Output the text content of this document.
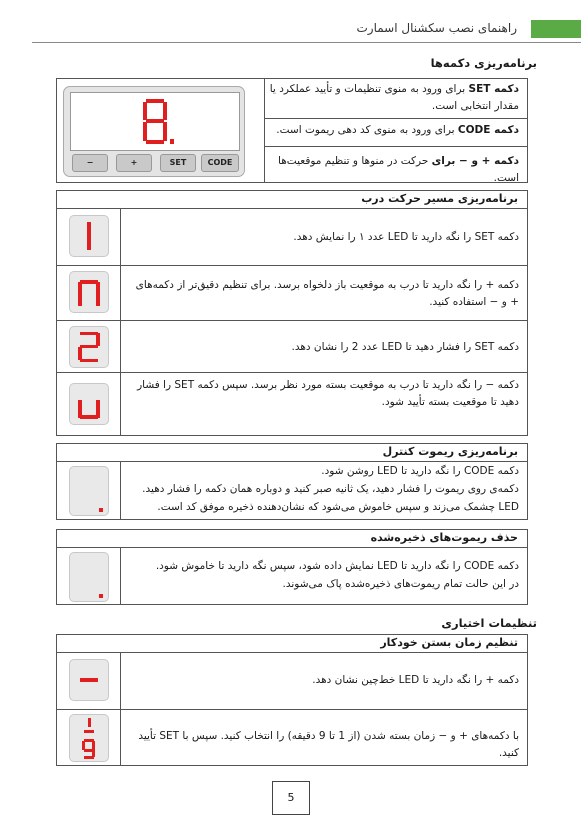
راهنمای نصب سکشنال اسمارت
برنامه‌ریزی دکمه‌ها
−	+	SET	CODE
دکمه SET برای ورود به منوی تنظیمات و تأیید عملکرد یا مقدار انتخابی است.
دکمه CODE برای ورود به منوی کد دهی ریموت است.
دکمه + و − برای حرکت در منوها و تنظیم موقعیت‌ها است.
برنامه‌ریزی مسیر حرکت درب
دکمه SET را نگه دارید تا LED عدد ۱ را نمایش دهد.
دکمه + را نگه دارید تا درب به موقعیت باز دلخواه برسد. برای تنظیم دقیق‌تر از دکمه‌های + و − استفاده کنید.
دکمه SET را فشار دهید تا LED عدد 2 را نشان دهد.
دکمه − را نگه دارید تا درب به موقعیت بسته مورد نظر برسد. سپس دکمه SET را فشار دهید تا موقعیت بسته تأیید شود.
برنامه‌ریزی ریموت کنترل
دکمه CODE را نگه دارید تا LED روشن شود.
دکمه‌ی روی ریموت را فشار دهید، یک ثانیه صبر کنید و دوباره همان دکمه را فشار دهید.
LED چشمک می‌زند و سپس خاموش می‌شود که نشان‌دهنده ذخیره موفق کد است.
حذف ریموت‌های ذخیره‌شده
دکمه CODE را نگه دارید تا LED نمایش داده شود، سپس نگه دارید تا خاموش شود.
در این حالت تمام ریموت‌های ذخیره‌شده پاک می‌شوند.
تنظیمات اختیاری
تنظیم زمان بستن خودکار
دکمه + را نگه دارید تا LED خط‌چین نشان دهد.
با دکمه‌های + و − زمان بسته شدن (از 1 تا 9 دقیقه) را انتخاب کنید. سپس با SET تأیید کنید.
5
